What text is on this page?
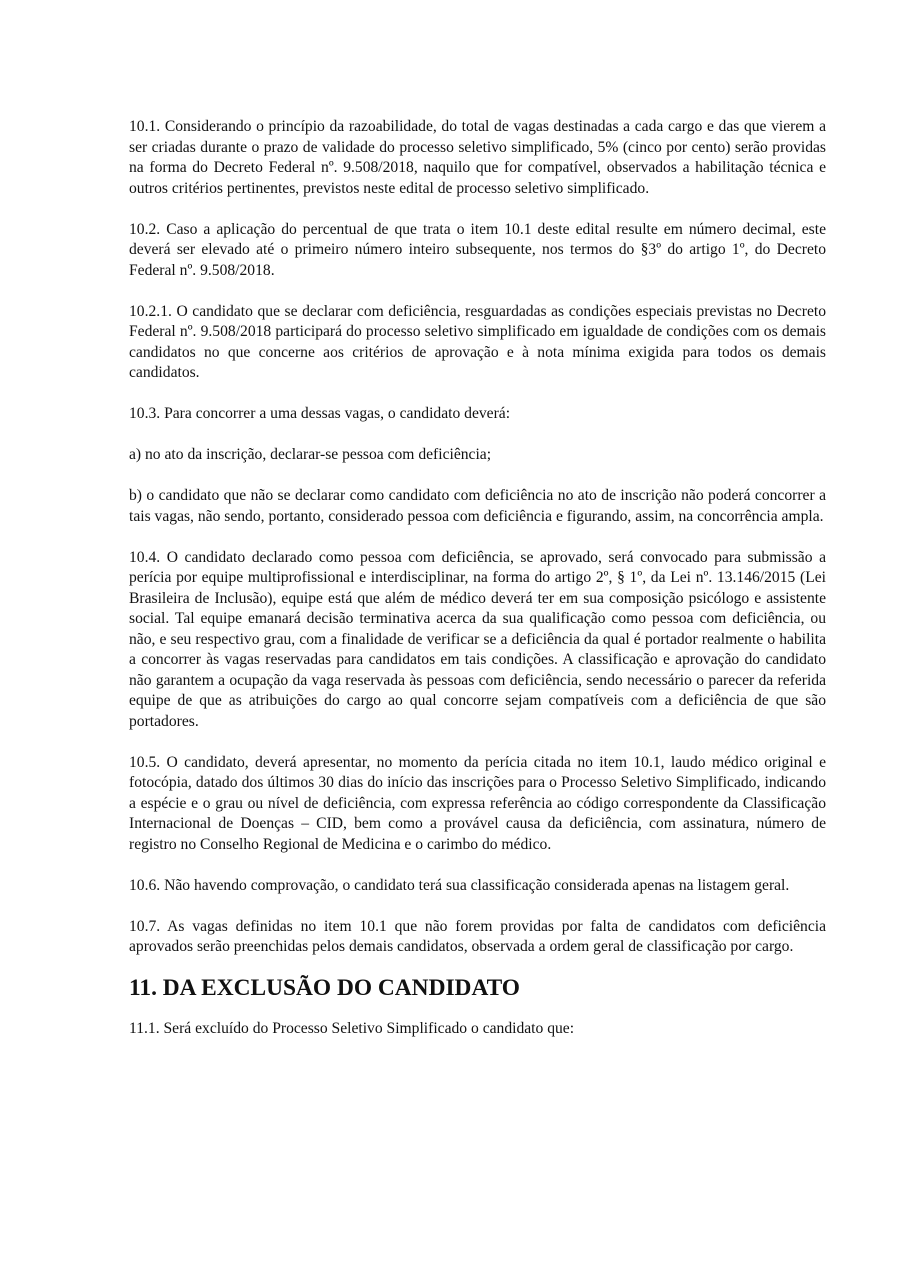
10.1. Considerando o princípio da razoabilidade, do total de vagas destinadas a cada cargo e das que vierem a ser criadas durante o prazo de validade do processo seletivo simplificado, 5% (cinco por cento) serão providas na forma do Decreto Federal nº. 9.508/2018, naquilo que for compatível, observados a habilitação técnica e outros critérios pertinentes, previstos neste edital de processo seletivo simplificado.

10.2. Caso a aplicação do percentual de que trata o item 10.1 deste edital resulte em número decimal, este deverá ser elevado até o primeiro número inteiro subsequente, nos termos do §3º do artigo 1º, do Decreto Federal nº. 9.508/2018.

10.2.1. O candidato que se declarar com deficiência, resguardadas as condições especiais previstas no Decreto Federal nº. 9.508/2018 participará do processo seletivo simplificado em igualdade de condições com os demais candidatos no que concerne aos critérios de aprovação e à nota mínima exigida para todos os demais candidatos.

10.3. Para concorrer a uma dessas vagas, o candidato deverá:

a) no ato da inscrição, declarar-se pessoa com deficiência;

b) o candidato que não se declarar como candidato com deficiência no ato de inscrição não poderá concorrer a tais vagas, não sendo, portanto, considerado pessoa com deficiência e figurando, assim, na concorrência ampla.

10.4. O candidato declarado como pessoa com deficiência, se aprovado, será convocado para submissão a perícia por equipe multiprofissional e interdisciplinar, na forma do artigo 2º, § 1º, da Lei nº. 13.146/2015 (Lei Brasileira de Inclusão), equipe está que além de médico deverá ter em sua composição psicólogo e assistente social. Tal equipe emanará decisão terminativa acerca da sua qualificação como pessoa com deficiência, ou não, e seu respectivo grau, com a finalidade de verificar se a deficiência da qual é portador realmente o habilita a concorrer às vagas reservadas para candidatos em tais condições. A classificação e aprovação do candidato não garantem a ocupação da vaga reservada às pessoas com deficiência, sendo necessário o parecer da referida equipe de que as atribuições do cargo ao qual concorre sejam compatíveis com a deficiência de que são portadores.

10.5. O candidato, deverá apresentar, no momento da perícia citada no item 10.1, laudo médico original e fotocópia, datado dos últimos 30 dias do início das inscrições para o Processo Seletivo Simplificado, indicando a espécie e o grau ou nível de deficiência, com expressa referência ao código correspondente da Classificação Internacional de Doenças – CID, bem como a provável causa da deficiência, com assinatura, número de registro no Conselho Regional de Medicina e o carimbo do médico.

10.6. Não havendo comprovação, o candidato terá sua classificação considerada apenas na listagem geral.

10.7. As vagas definidas no item 10.1 que não forem providas por falta de candidatos com deficiência aprovados serão preenchidas pelos demais candidatos, observada a ordem geral de classificação por cargo.

11. DA EXCLUSÃO DO CANDIDATO

11.1. Será excluído do Processo Seletivo Simplificado o candidato que:
